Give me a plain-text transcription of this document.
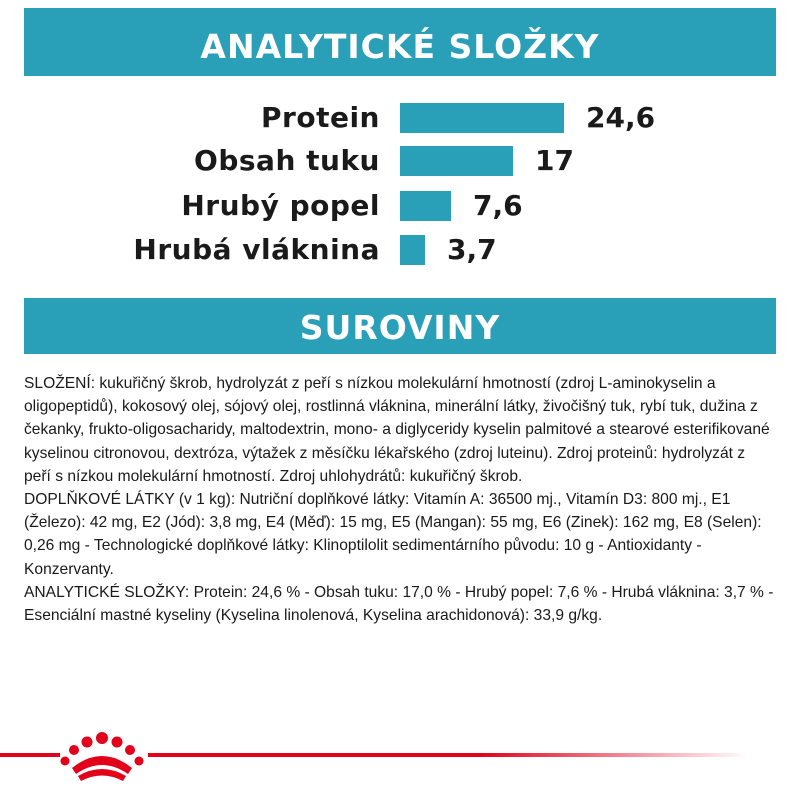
ANALYTICKÉ SLOŽKY
Protein	24,6
Obsah tuku	17
Hrubý popel	7,6
Hrubá vláknina 3,7
SUROVINY

SLOŽENÍ: kukuřičný škrob, hydrolyzát z peří s nízkou molekulární hmotností (zdroj L-aminokyselin a oligopeptidů), kokosový olej, sójový olej, rostlinná vláknina, minerální látky, živočišný tuk, rybí tuk, dužina z čekanky, frukto-oligosacharidy, maltodextrin, mono- a diglyceridy kyselin palmitové a stearové esterifikované kyselinou citronovou, dextróza, výtažek z měsíčku lékařského (zdroj luteinu). Zdroj proteinů: hydrolyzát z peří s nízkou molekulární hmotností. Zdroj uhlohydrátů: kukuřičný škrob.

DOPLŇKOVÉ LÁTKY (v 1 kg): Nutriční doplňkové látky: Vitamín A: 36500 mj., Vitamín D3: 800 mj., E1 (Železo): 42 mg, E2 (Jód): 3,8 mg, E4 (Měď): 15 mg, E5 (Mangan): 55 mg, E6 (Zinek): 162 mg, E8 (Selen): 0,26 mg - Technologické doplňkové látky: Klinoptilolit sedimentárního původu: 10 g - Antioxidanty - Konzervanty.

ANALYTICKÉ SLOŽKY: Protein: 24,6 % - Obsah tuku: 17,0 % - Hrubý popel: 7,6 % - Hrubá vláknina: 3,7 % - Esenciální mastné kyseliny (Kyselina linolenová, Kyselina arachidonová): 33,9 g/kg.
